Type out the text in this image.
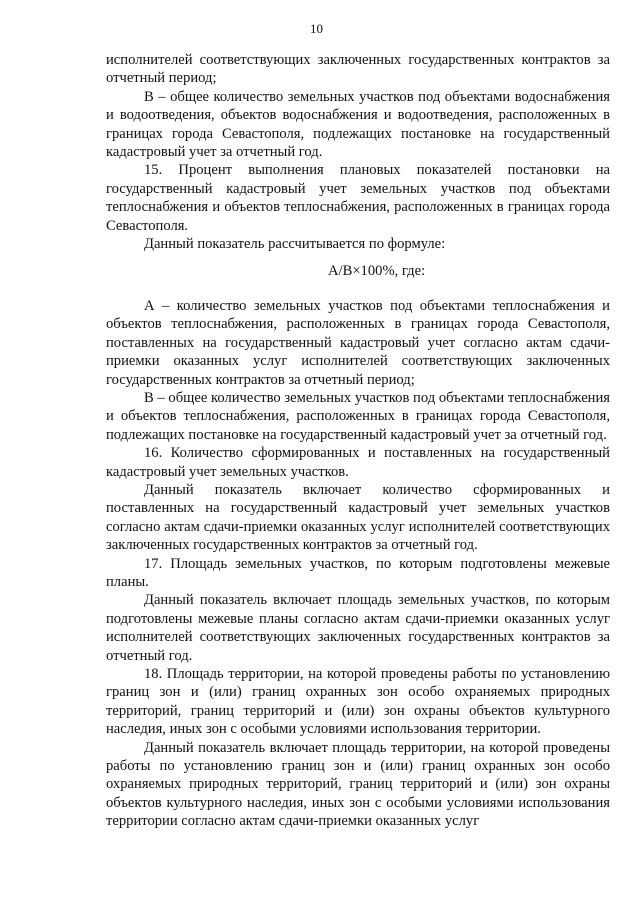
10

исполнителей соответствующих заключенных государственных контрактов за отчетный период;

В – общее количество земельных участков под объектами водоснабжения и водоотведения, объектов водоснабжения и водоотведения, расположенных в границах города Севастополя, подлежащих постановке на государственный кадастровый учет за отчетный год.

15. Процент выполнения плановых показателей постановки на государственный кадастровый учет земельных участков под объектами теплоснабжения и объектов теплоснабжения, расположенных в границах города Севастополя.

Данный показатель рассчитывается по формуле:

А/В×100%, где:

А – количество земельных участков под объектами теплоснабжения и объектов теплоснабжения, расположенных в границах города Севастополя, поставленных на государственный кадастровый учет согласно актам сдачи-приемки оказанных услуг исполнителей соответствующих заключенных государственных контрактов за отчетный период;

В – общее количество земельных участков под объектами теплоснабжения и объектов теплоснабжения, расположенных в границах города Севастополя, подлежащих постановке на государственный кадастровый учет за отчетный год.

16. Количество сформированных и поставленных на государственный кадастровый учет земельных участков.

Данный показатель включает количество сформированных и поставленных на государственный кадастровый учет земельных участков согласно актам сдачи-приемки оказанных услуг исполнителей соответствующих заключенных государственных контрактов за отчетный год.

17. Площадь земельных участков, по которым подготовлены межевые планы.

Данный показатель включает площадь земельных участков, по которым подготовлены межевые планы согласно актам сдачи-приемки оказанных услуг исполнителей соответствующих заключенных государственных контрактов за отчетный год.

18. Площадь территории, на которой проведены работы по установлению границ зон и (или) границ охранных зон особо охраняемых природных территорий, границ территорий и (или) зон охраны объектов культурного наследия, иных зон с особыми условиями использования территории.

Данный показатель включает площадь территории, на которой проведены работы по установлению границ зон и (или) границ охранных зон особо охраняемых природных территорий, границ территорий и (или) зон охраны объектов культурного наследия, иных зон с особыми условиями использования территории согласно актам сдачи-приемки оказанных услуг
